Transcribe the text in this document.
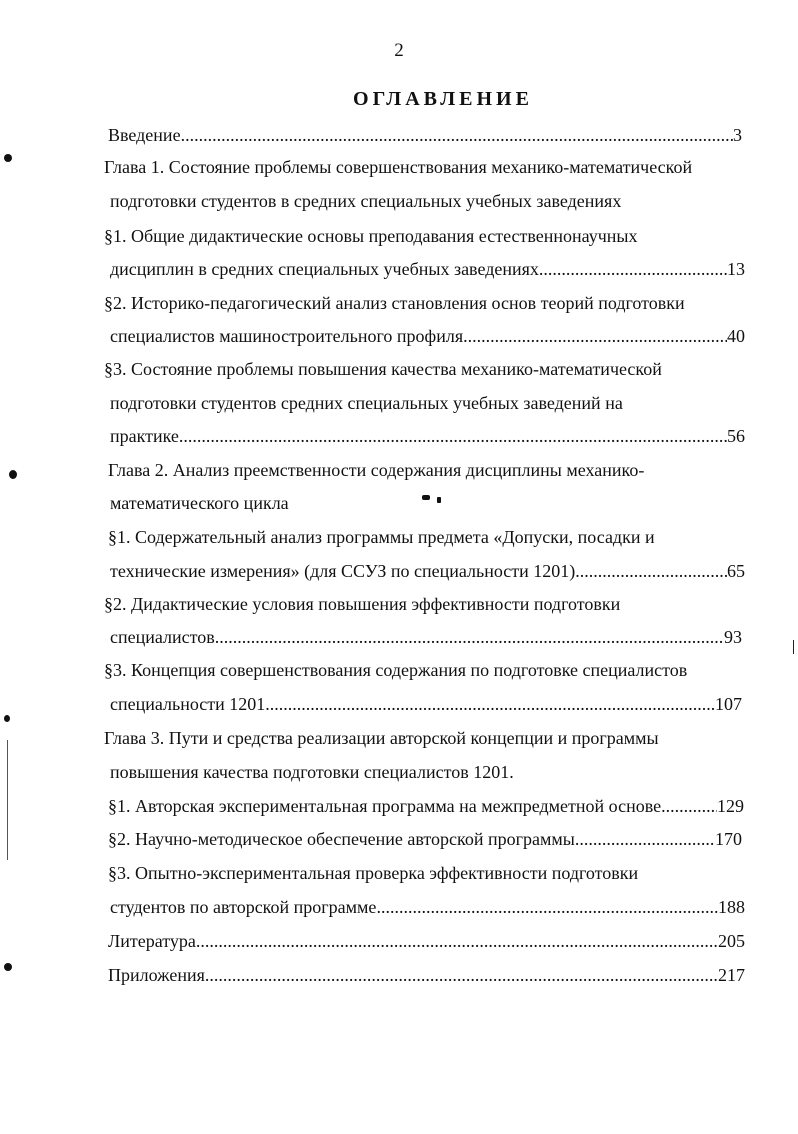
2
ОГЛАВЛЕНИЕ
Введение .....	3
Глава 1. Состояние проблемы совершенствования механико-математической
подготовки студентов в средних специальных учебных заведениях
§1. Общие дидактические основы преподавания естественнонаучных
дисциплин в средних специальных учебных заведениях .....	13
§2. Историко-педагогический анализ становления основ теорий подготовки
специалистов машиностроительного профиля .....	40
§3. Состояние проблемы повышения качества механико-математической
подготовки студентов средних специальных учебных заведений на
практике .....	56
Глава 2. Анализ преемственности содержания дисциплины механико-
математического цикла
§1. Содержательный анализ программы предмета «Допуски, посадки и
технические измерения» (для ССУЗ по специальности 1201) .....	65
§2. Дидактические условия повышения эффективности подготовки
специалистов .....	93
§3. Концепция совершенствования содержания по подготовке специалистов
специальности 1201 .....	107
Глава 3. Пути и средства реализации авторской концепции и программы
повышения качества подготовки специалистов 1201.
§1. Авторская экспериментальная программа на межпредметной основе .....	129
§2. Научно-методическое обеспечение авторской программы .....	170
§3. Опытно-экспериментальная проверка эффективности подготовки
студентов по авторской программе .....	188
Литература .....	205
Приложения .....	217
